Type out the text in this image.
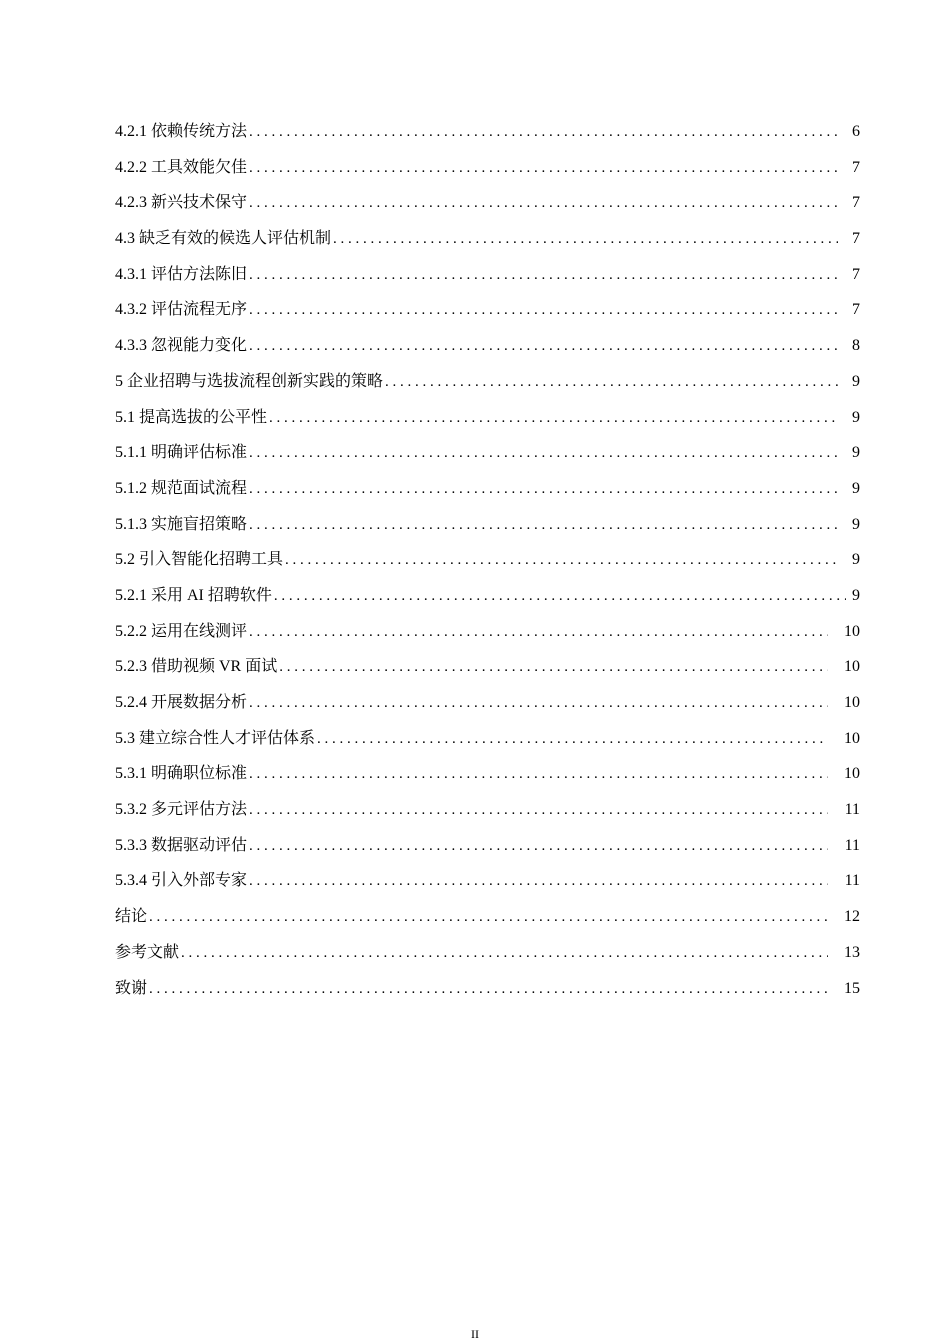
4.2.1 依赖传统方法 . . .	6
4.2.2 工具效能欠佳 . . .	7
4.2.3 新兴技术保守 . . .	7
4.3 缺乏有效的候选人评估机制 . . .	7
4.3.1 评估方法陈旧 . . .	7
4.3.2 评估流程无序 . . .	7
4.3.3 忽视能力变化 . . .	8
5 企业招聘与选拔流程创新实践的策略 . . .	9
5.1 提高选拔的公平性 . . .	9
5.1.1 明确评估标准 . . .	9
5.1.2 规范面试流程 . . .	9
5.1.3 实施盲招策略 . . .	9
5.2 引入智能化招聘工具 . . .	9
5.2.1 采用 AI 招聘软件 . . .	9
5.2.2 运用在线测评 . . .	10
5.2.3 借助视频 VR 面试 . . .	10
5.2.4 开展数据分析 . . .	10
5.3 建立综合性人才评估体系 . . .	10
5.3.1 明确职位标准 . . .	10
5.3.2 多元评估方法 . . .	11
5.3.3 数据驱动评估 . . .	11
5.3.4 引入外部专家 . . .	11
结论 . . .	12
参考文献 . . .	13
致谢 . . .	15
II
